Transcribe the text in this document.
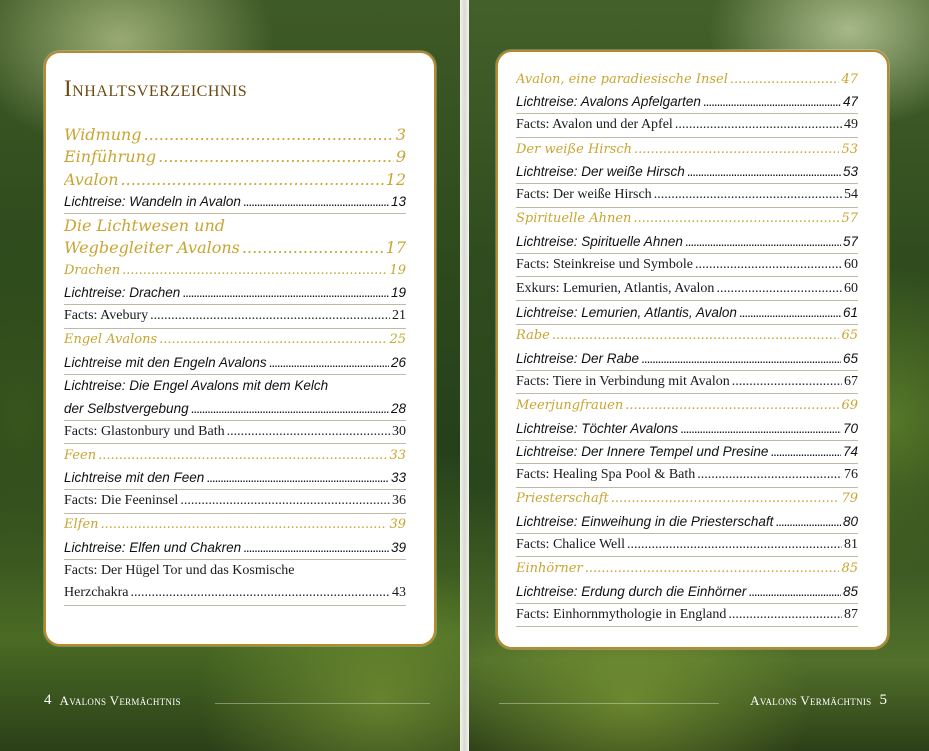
Inhaltsverzeichnis
Widmung .....	3
Einführung .....	9
Avalon .....	12
Lichtreise: Wandeln in Avalon .....	13
Die Lichtwesen und
Wegbegleiter Avalons .....	17
Drachen .....	19
Lichtreise: Drachen .....	19
Facts: Avebury .....	21
Engel Avalons .....	25
Lichtreise mit den Engeln Avalons .....	26
Lichtreise: Die Engel Avalons mit dem Kelch
der Selbstvergebung .....	28
Facts: Glastonbury und Bath .....	30
Feen .....	33
Lichtreise mit den Feen .....	33
Facts: Die Feeninsel .....	36
Elfen .....	39
Lichtreise: Elfen und Chakren .....	39
Facts: Der Hügel Tor und das Kosmische
Herzchakra .....	43
4 Avalons Vermächtnis
Avalon, eine paradiesische Insel .....	47
Lichtreise: Avalons Apfelgarten .....	47
Facts: Avalon und der Apfel .....	49
Der weiße Hirsch .....	53
Lichtreise: Der weiße Hirsch .....	53
Facts: Der weiße Hirsch .....	54
Spirituelle Ahnen .....	57
Lichtreise: Spirituelle Ahnen .....	57
Facts: Steinkreise und Symbole .....	60
Exkurs: Lemurien, Atlantis, Avalon .....	60
Lichtreise: Lemurien, Atlantis, Avalon .....	61
Rabe .....	65
Lichtreise: Der Rabe .....	65
Facts: Tiere in Verbindung mit Avalon .....	67
Meerjungfrauen .....	69
Lichtreise: Töchter Avalons .....	70
Lichtreise: Der Innere Tempel und Presine .....	74
Facts: Healing Spa Pool & Bath .....	76
Priesterschaft .....	79
Lichtreise: Einweihung in die Priesterschaft .....	80
Facts: Chalice Well .....	81
Einhörner .....	85
Lichtreise: Erdung durch die Einhörner .....	85
Facts: Einhornmythologie in England .....	87
Avalons Vermächtnis 5
